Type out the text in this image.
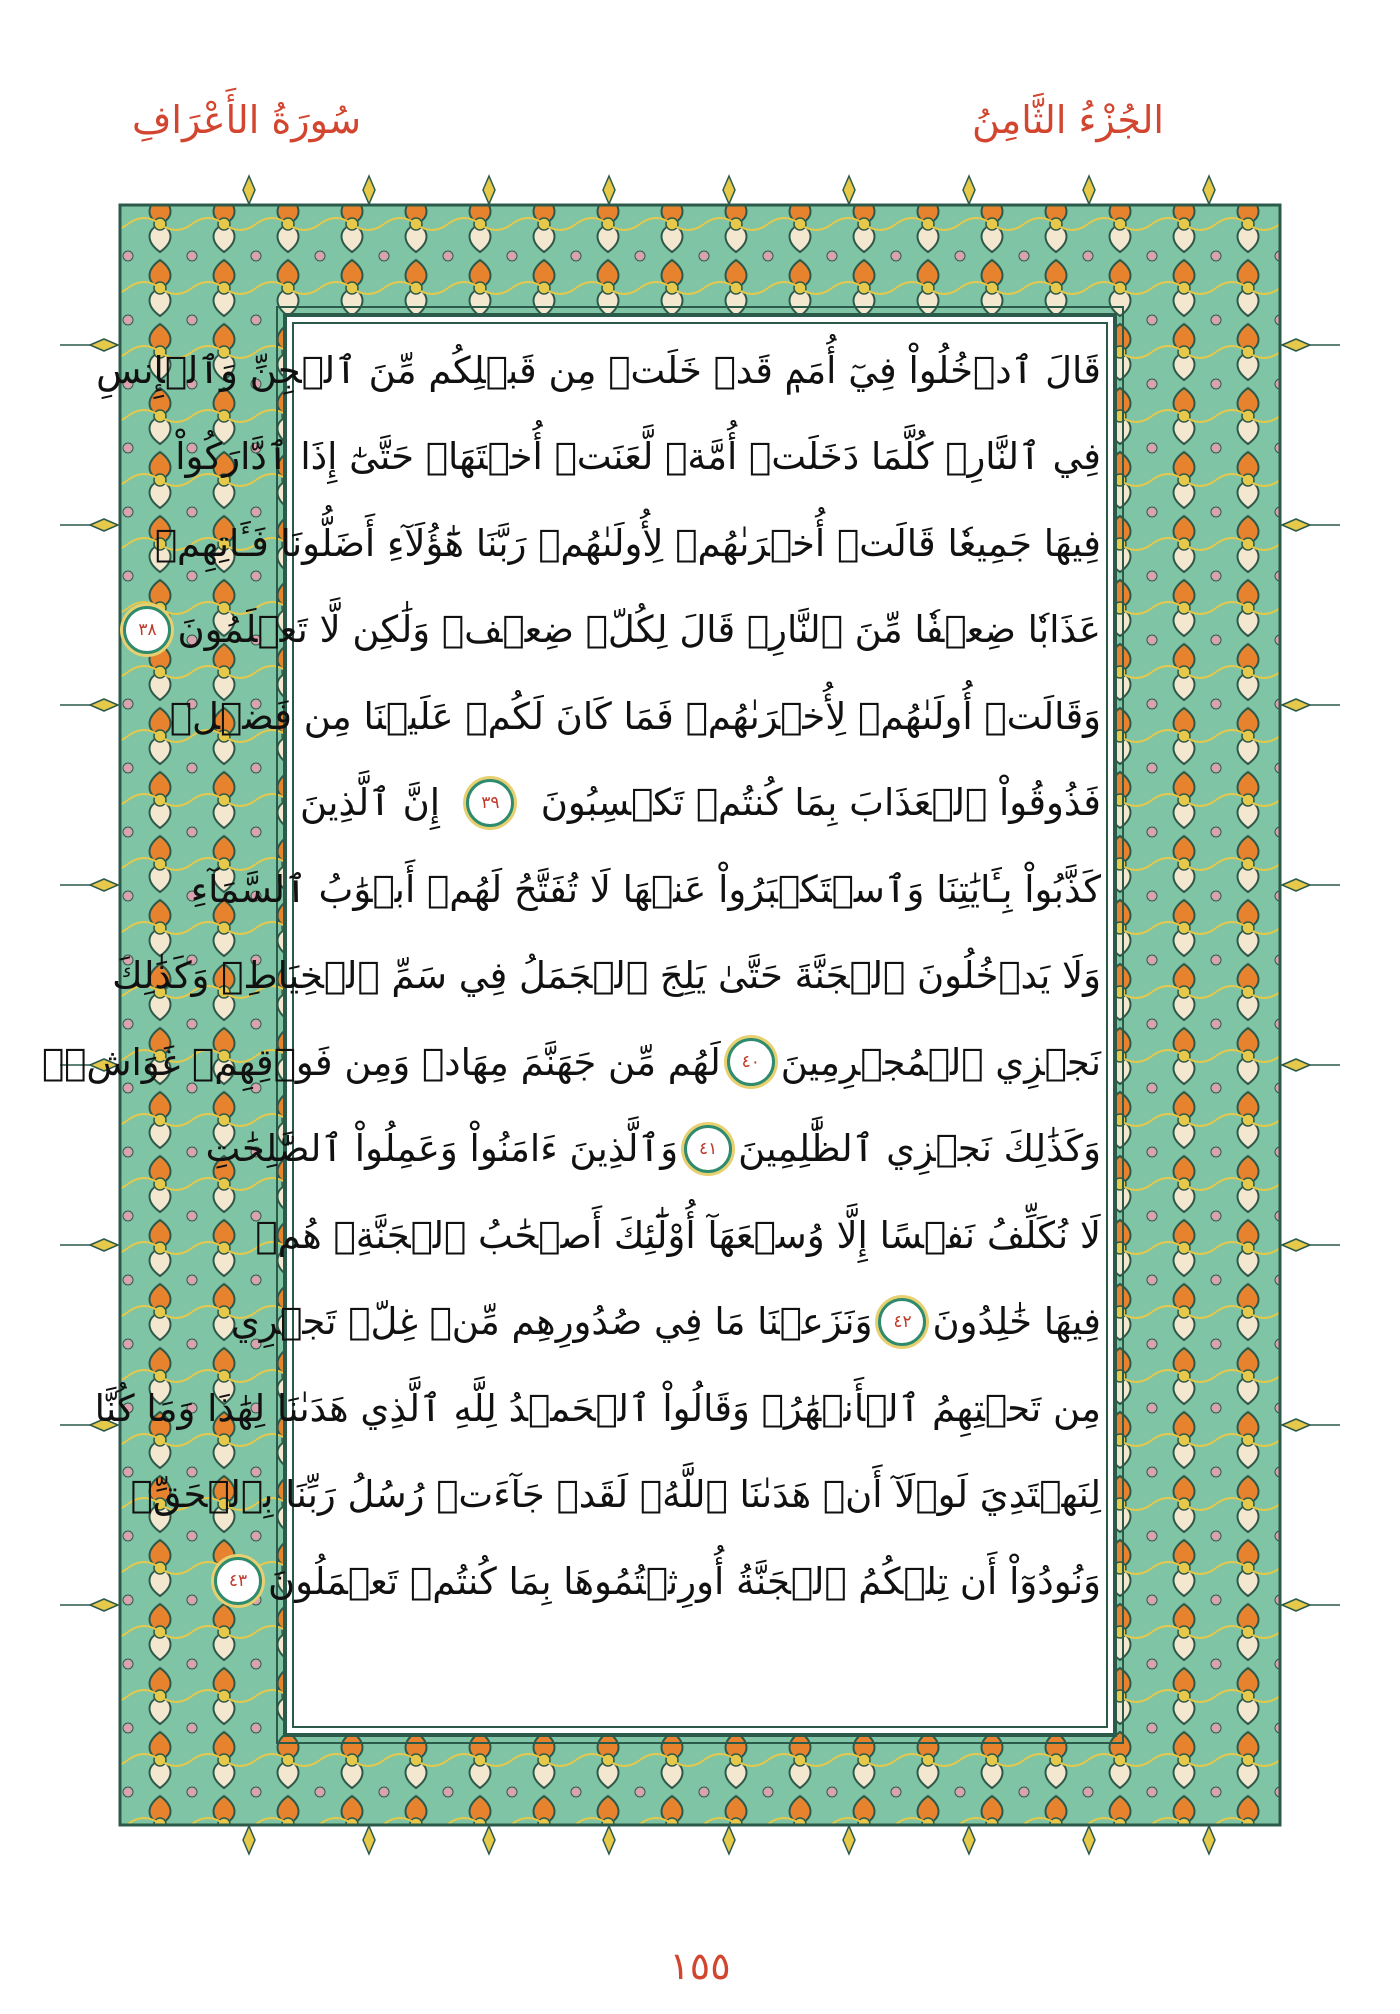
الجُزْءُ الثَّامِنُ
سُورَةُ الأَعْرَافِ
قَالَ ٱدۡخُلُواْ فِيٓ أُمَمٖ قَدۡ خَلَتۡ مِن قَبۡلِكُم مِّنَ ٱلۡجِنِّ وَٱلۡإِنسِ
فِي ٱلنَّارِۖ كُلَّمَا دَخَلَتۡ أُمَّةٞ لَّعَنَتۡ أُخۡتَهَاۖ حَتَّىٰٓ إِذَا ٱدَّارَكُواْ
فِيهَا جَمِيعٗا قَالَتۡ أُخۡرَىٰهُمۡ لِأُولَىٰهُمۡ رَبَّنَا هَٰٓؤُلَآءِ أَضَلُّونَا فَـَٔاتِهِمۡ
عَذَابٗا ضِعۡفٗا مِّنَ ٱلنَّارِۖ قَالَ لِكُلّٖ ضِعۡفٞ وَلَٰكِن لَّا تَعۡلَمُونَ
٣٨
وَقَالَتۡ أُولَىٰهُمۡ لِأُخۡرَىٰهُمۡ فَمَا كَانَ لَكُمۡ عَلَيۡنَا مِن فَضۡلٖ
فَذُوقُواْ ٱلۡعَذَابَ بِمَا كُنتُمۡ تَكۡسِبُونَ
٣٩
إِنَّ ٱلَّذِينَ
كَذَّبُواْ بِـَٔايَٰتِنَا وَٱسۡتَكۡبَرُواْ عَنۡهَا لَا تُفَتَّحُ لَهُمۡ أَبۡوَٰبُ ٱلسَّمَآءِ
وَلَا يَدۡخُلُونَ ٱلۡجَنَّةَ حَتَّىٰ يَلِجَ ٱلۡجَمَلُ فِي سَمِّ ٱلۡخِيَاطِۚ وَكَذَٰلِكَ
نَجۡزِي ٱلۡمُجۡرِمِينَ
٤٠
لَهُم مِّن جَهَنَّمَ مِهَادٞ وَمِن فَوۡقِهِمۡ غَوَاشٖۚ
وَكَذَٰلِكَ نَجۡزِي ٱلظَّٰلِمِينَ
٤١
وَٱلَّذِينَ ءَامَنُواْ وَعَمِلُواْ ٱلصَّٰلِحَٰتِ
لَا نُكَلِّفُ نَفۡسًا إِلَّا وُسۡعَهَآ أُوْلَٰٓئِكَ أَصۡحَٰبُ ٱلۡجَنَّةِۖ هُمۡ
فِيهَا خَٰلِدُونَ
٤٢
وَنَزَعۡنَا مَا فِي صُدُورِهِم مِّنۡ غِلّٖ تَجۡرِي
مِن تَحۡتِهِمُ ٱلۡأَنۡهَٰرُۖ وَقَالُواْ ٱلۡحَمۡدُ لِلَّهِ ٱلَّذِي هَدَىٰنَا لِهَٰذَا وَمَا كُنَّا
لِنَهۡتَدِيَ لَوۡلَآ أَنۡ هَدَىٰنَا ٱللَّهُۖ لَقَدۡ جَآءَتۡ رُسُلُ رَبِّنَا بِٱلۡحَقِّۖ
وَنُودُوٓاْ أَن تِلۡكُمُ ٱلۡجَنَّةُ أُورِثۡتُمُوهَا بِمَا كُنتُمۡ تَعۡمَلُونَ
٤٣
١٥٥
